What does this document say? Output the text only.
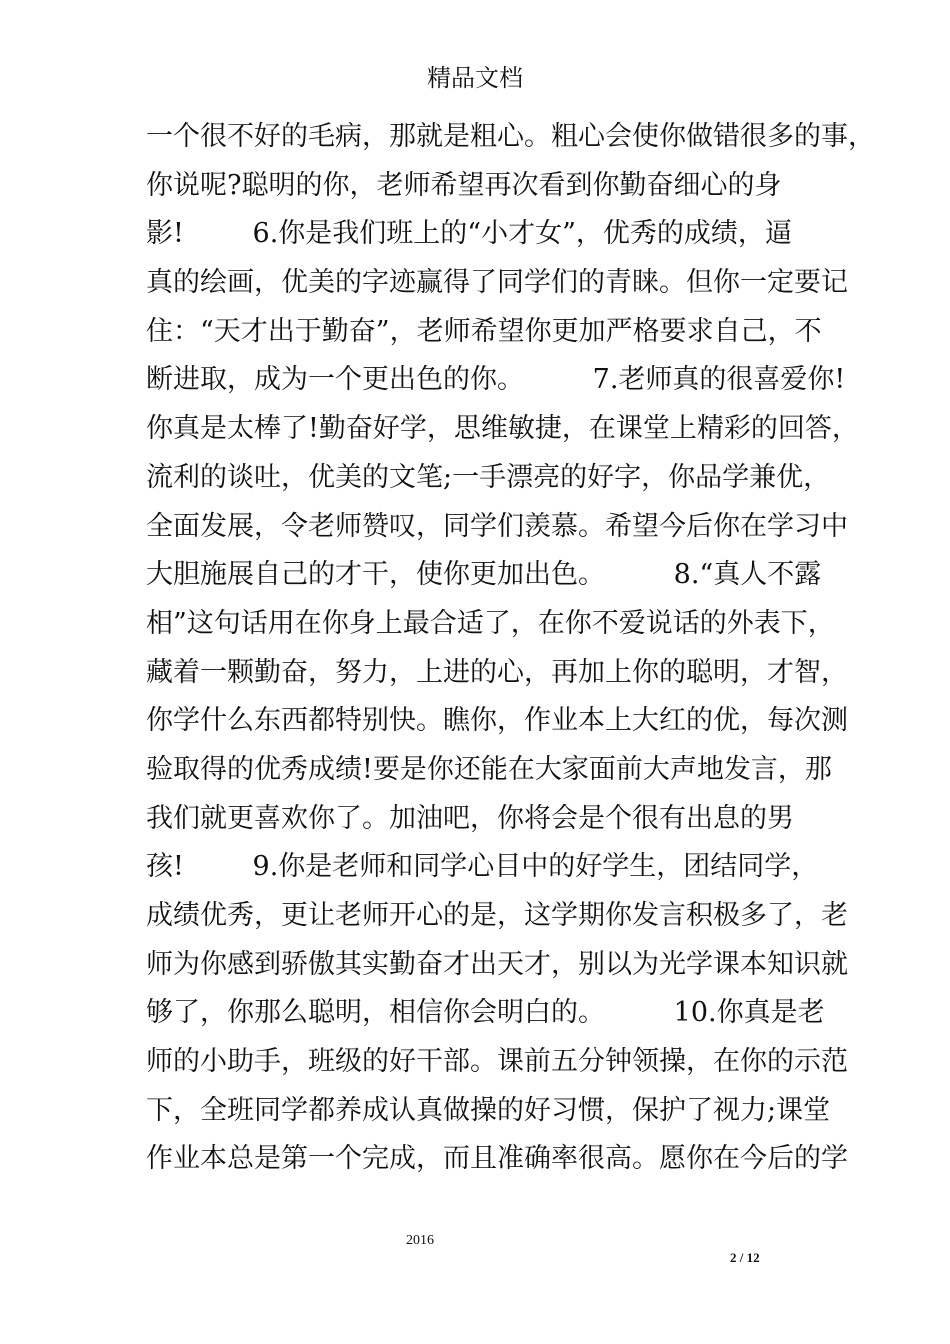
精品文档
一个很不好的毛病，那就是粗心。粗心会使你做错很多的事，
你说呢?聪明的你，老师希望再次看到你勤奋细心的身
影!        6.你是我们班上的“小才女”，优秀的成绩，逼
真的绘画，优美的字迹赢得了同学们的青睐。但你一定要记
住：“天才出于勤奋”，老师希望你更加严格要求自己，不
断进取，成为一个更出色的你。        7.老师真的很喜爱你!
你真是太棒了!勤奋好学，思维敏捷，在课堂上精彩的回答，
流利的谈吐，优美的文笔;一手漂亮的好字，你品学兼优，
全面发展，令老师赞叹，同学们羡慕。希望今后你在学习中
大胆施展自己的才干，使你更加出色。        8.“真人不露
相”这句话用在你身上最合适了，在你不爱说话的外表下，
藏着一颗勤奋，努力，上进的心，再加上你的聪明，才智，
你学什么东西都特别快。瞧你，作业本上大红的优，每次测
验取得的优秀成绩!要是你还能在大家面前大声地发言，那
我们就更喜欢你了。加油吧，你将会是个很有出息的男
孩!        9.你是老师和同学心目中的好学生，团结同学，
成绩优秀，更让老师开心的是，这学期你发言积极多了，老
师为你感到骄傲其实勤奋才出天才，别以为光学课本知识就
够了，你那么聪明，相信你会明白的。        10.你真是老
师的小助手，班级的好干部。课前五分钟领操，在你的示范
下，全班同学都养成认真做操的好习惯，保护了视力;课堂
作业本总是第一个完成，而且准确率很高。愿你在今后的学
2016
2 / 12
